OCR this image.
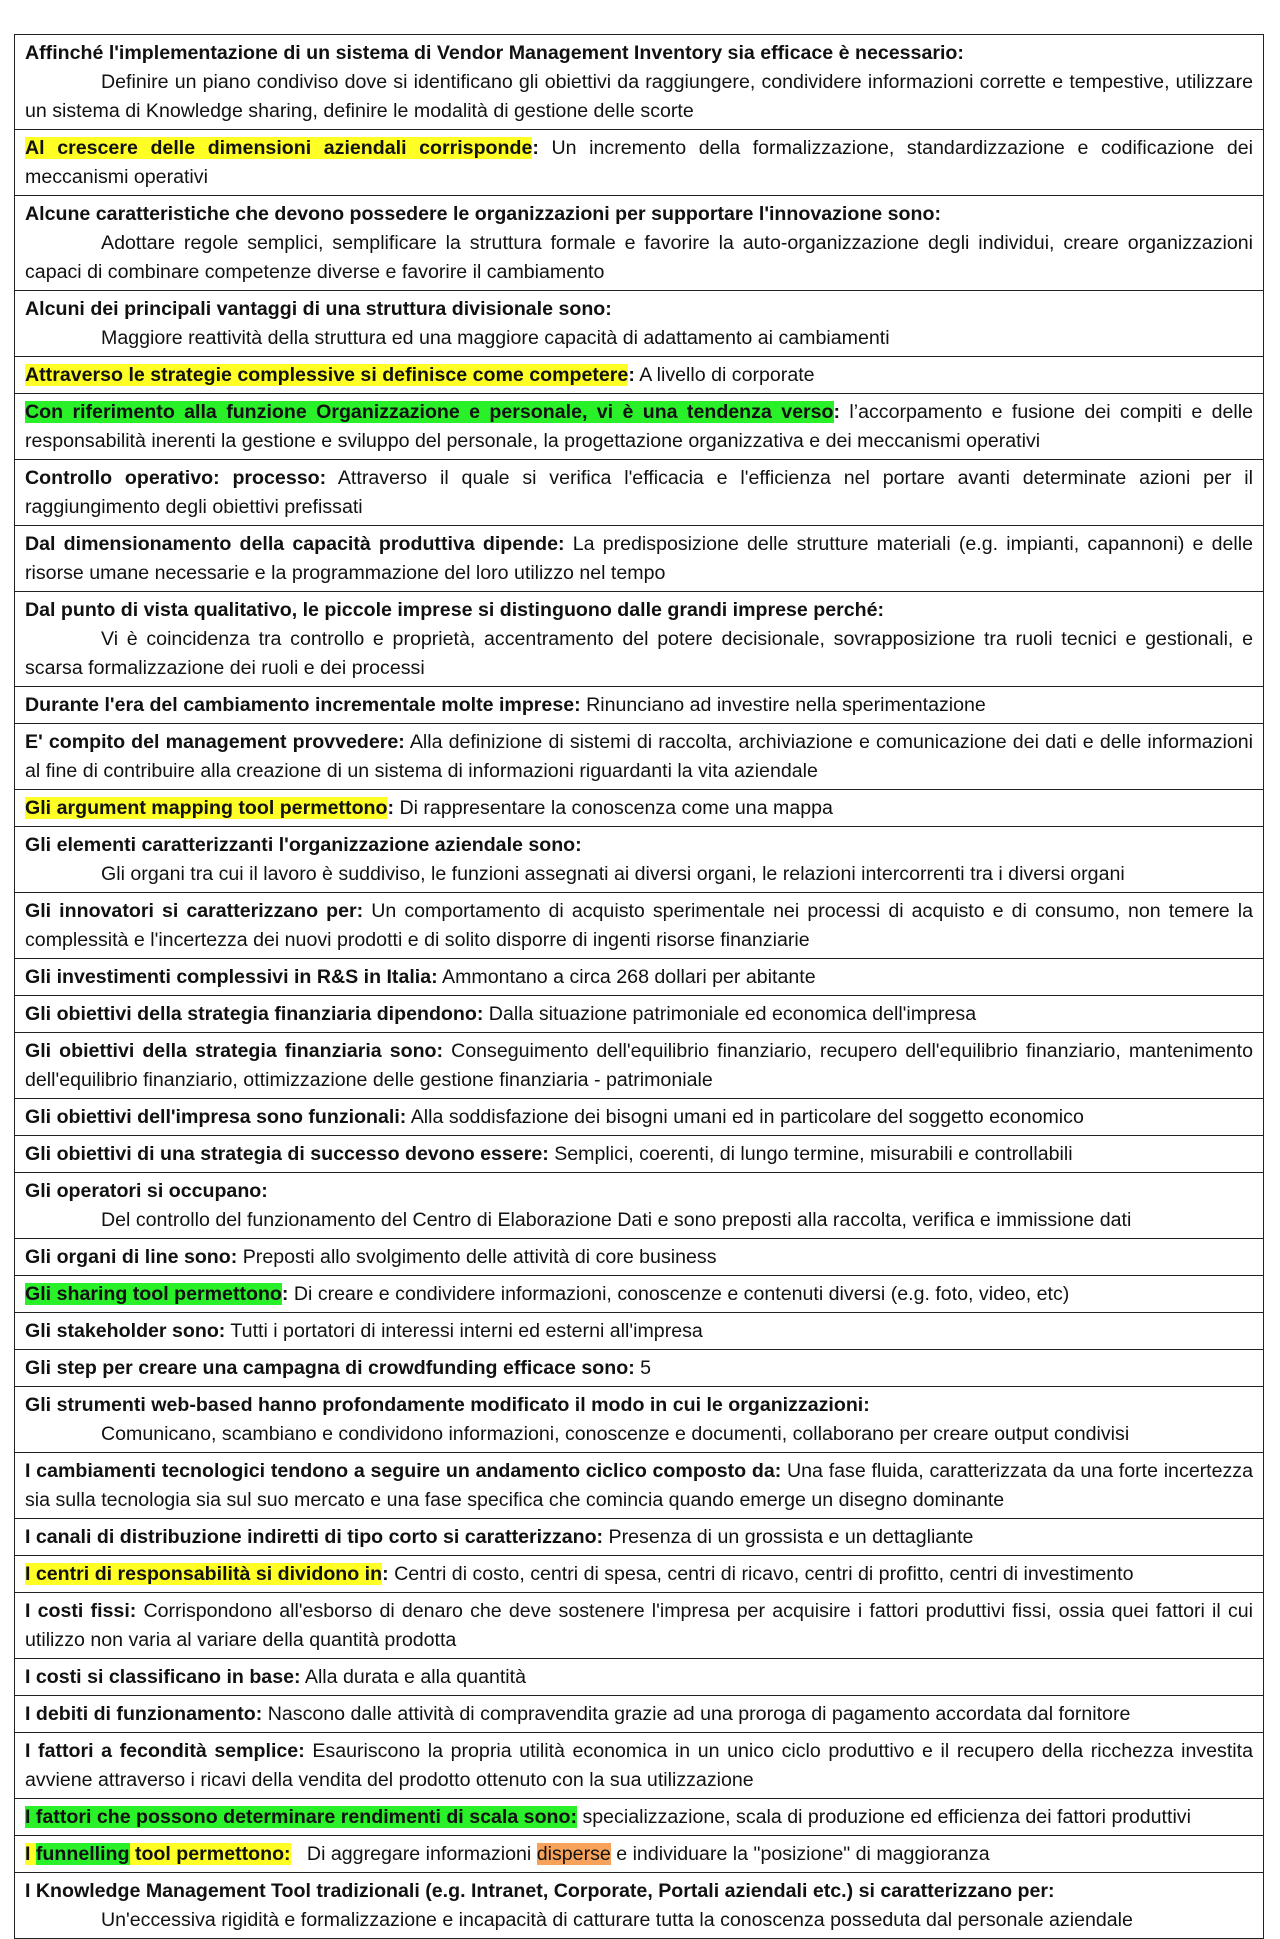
Affinché l'implementazione di un sistema di Vendor Management Inventory sia efficace è necessario:
Definire un piano condiviso dove si identificano gli obiettivi da raggiungere, condividere informazioni corrette e tempestive, utilizzare un sistema di Knowledge sharing, definire le modalità di gestione delle scorte

Al crescere delle dimensioni aziendali corrisponde: Un incremento della formalizzazione, standardizzazione e codificazione dei meccanismi operativi
Alcune caratteristiche che devono possedere le organizzazioni per supportare l'innovazione sono:
Adottare regole semplici, semplificare la struttura formale e favorire la auto-organizzazione degli individui, creare organizzazioni capaci di combinare competenze diverse e favorire il cambiamento

Alcuni dei principali vantaggi di una struttura divisionale sono:
Maggiore reattività della struttura ed una maggiore capacità di adattamento ai cambiamenti

Attraverso le strategie complessive si definisce come competere: A livello di corporate
Con riferimento alla funzione Organizzazione e personale, vi è una tendenza verso: l’accorpamento e fusione dei compiti e delle responsabilità inerenti la gestione e sviluppo del personale, la progettazione organizzativa e dei meccanismi operativi
Controllo operativo: processo: Attraverso il quale si verifica l'efficacia e l'efficienza nel portare avanti determinate azioni per il raggiungimento degli obiettivi prefissati
Dal dimensionamento della capacità produttiva dipende: La predisposizione delle strutture materiali (e.g. impianti, capannoni) e delle risorse umane necessarie e la programmazione del loro utilizzo nel tempo
Dal punto di vista qualitativo, le piccole imprese si distinguono dalle grandi imprese perché:
Vi è coincidenza tra controllo e proprietà, accentramento del potere decisionale, sovrapposizione tra ruoli tecnici e gestionali, e scarsa formalizzazione dei ruoli e dei processi

Durante l'era del cambiamento incrementale molte imprese: Rinunciano ad investire nella sperimentazione
E' compito del management provvedere: Alla definizione di sistemi di raccolta, archiviazione e comunicazione dei dati e delle informazioni al fine di contribuire alla creazione di un sistema di informazioni riguardanti la vita aziendale
Gli argument mapping tool permettono: Di rappresentare la conoscenza come una mappa
Gli elementi caratterizzanti l'organizzazione aziendale sono:
Gli organi tra cui il lavoro è suddiviso, le funzioni assegnati ai diversi organi, le relazioni intercorrenti tra i diversi organi

Gli innovatori si caratterizzano per: Un comportamento di acquisto sperimentale nei processi di acquisto e di consumo, non temere la complessità e l'incertezza dei nuovi prodotti e di solito disporre di ingenti risorse finanziarie
Gli investimenti complessivi in R&S in Italia: Ammontano a circa 268 dollari per abitante
Gli obiettivi della strategia finanziaria dipendono: Dalla situazione patrimoniale ed economica dell'impresa
Gli obiettivi della strategia finanziaria sono: Conseguimento dell'equilibrio finanziario, recupero dell'equilibrio finanziario, mantenimento dell'equilibrio finanziario, ottimizzazione delle gestione finanziaria - patrimoniale
Gli obiettivi dell'impresa sono funzionali: Alla soddisfazione dei bisogni umani ed in particolare del soggetto economico
Gli obiettivi di una strategia di successo devono essere: Semplici, coerenti, di lungo termine, misurabili e controllabili
Gli operatori si occupano:
Del controllo del funzionamento del Centro di Elaborazione Dati e sono preposti alla raccolta, verifica e immissione dati

Gli organi di line sono: Preposti allo svolgimento delle attività di core business
Gli sharing tool permettono: Di creare e condividere informazioni, conoscenze e contenuti diversi (e.g. foto, video, etc)
Gli stakeholder sono: Tutti i portatori di interessi interni ed esterni all'impresa
Gli step per creare una campagna di crowdfunding efficace sono: 5
Gli strumenti web-based hanno profondamente modificato il modo in cui le organizzazioni:
Comunicano, scambiano e condividono informazioni, conoscenze e documenti, collaborano per creare output condivisi

I cambiamenti tecnologici tendono a seguire un andamento ciclico composto da: Una fase fluida, caratterizzata da una forte incertezza sia sulla tecnologia sia sul suo mercato e una fase specifica che comincia quando emerge un disegno dominante
I canali di distribuzione indiretti di tipo corto si caratterizzano: Presenza di un grossista e un dettagliante
I centri di responsabilità si dividono in: Centri di costo, centri di spesa, centri di ricavo, centri di profitto, centri di investimento
I costi fissi: Corrispondono all'esborso di denaro che deve sostenere l'impresa per acquisire i fattori produttivi fissi, ossia quei fattori il cui utilizzo non varia al variare della quantità prodotta
I costi si classificano in base: Alla durata e alla quantità
I debiti di funzionamento: Nascono dalle attività di compravendita grazie ad una proroga di pagamento accordata dal fornitore
I fattori a fecondità semplice: Esauriscono la propria utilità economica in un unico ciclo produttivo e il recupero della ricchezza investita avviene attraverso i ricavi della vendita del prodotto ottenuto con la sua utilizzazione
I fattori che possono determinare rendimenti di scala sono: specializzazione, scala di produzione ed efficienza dei fattori produttivi
I funnelling tool permettono:   Di aggregare informazioni disperse e individuare la "posizione" di maggioranza
I Knowledge Management Tool tradizionali (e.g. Intranet, Corporate, Portali aziendali etc.) si caratterizzano per:
Un'eccessiva rigidità e formalizzazione e incapacità di catturare tutta la conoscenza posseduta dal personale aziendale
